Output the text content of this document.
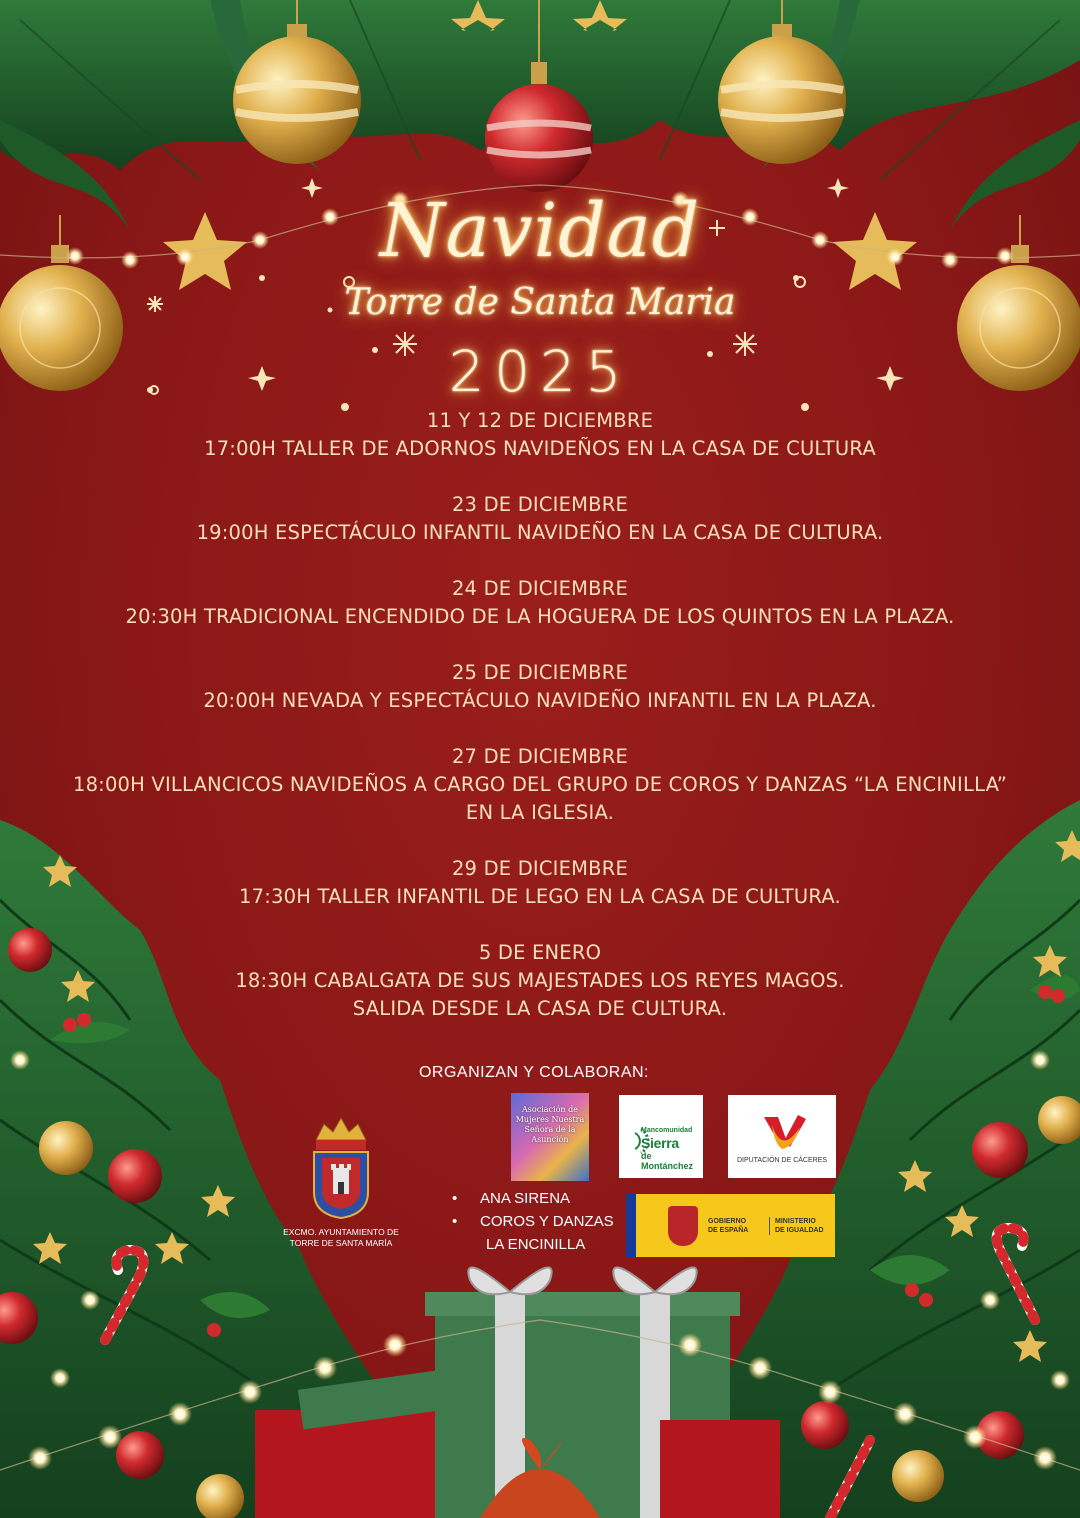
Navidad
Torre de Santa Maria
2025
11 Y 12 DE DICIEMBRE
17:00H TALLER DE ADORNOS NAVIDEÑOS EN LA CASA DE CULTURA
23 DE DICIEMBRE
19:00H ESPECTÁCULO INFANTIL NAVIDEÑO EN LA CASA DE CULTURA.
24 DE DICIEMBRE
20:30H TRADICIONAL ENCENDIDO DE LA HOGUERA DE LOS QUINTOS EN LA PLAZA.
25 DE DICIEMBRE
20:00H NEVADA Y ESPECTÁCULO NAVIDEÑO INFANTIL EN LA PLAZA.
27 DE DICIEMBRE
18:00H VILLANCICOS NAVIDEÑOS A CARGO DEL GRUPO DE COROS Y DANZAS “LA ENCINILLA”
EN LA IGLESIA.
29 DE DICIEMBRE
17:30H TALLER INFANTIL DE LEGO EN LA CASA DE CULTURA.
5 DE ENERO
18:30H CABALGATA DE SUS MAJESTADES LOS REYES MAGOS.
SALIDA DESDE LA CASA DE CULTURA.
ORGANIZAN Y COLABORAN:
EXCMO. AYUNTAMIENTO DE
TORRE DE SANTA MARÍA
Asociación de Mujeres Nuestra Señora de la Asunción
Mancomunidad
Sierra
de Montánchez
DIPUTACIÓN DE CÁCERES
GOBIERNO
DE ESPAÑA
MINISTERIO
DE IGUALDAD
• ANA SIRENA
• COROS Y DANZAS
LA ENCINILLA
